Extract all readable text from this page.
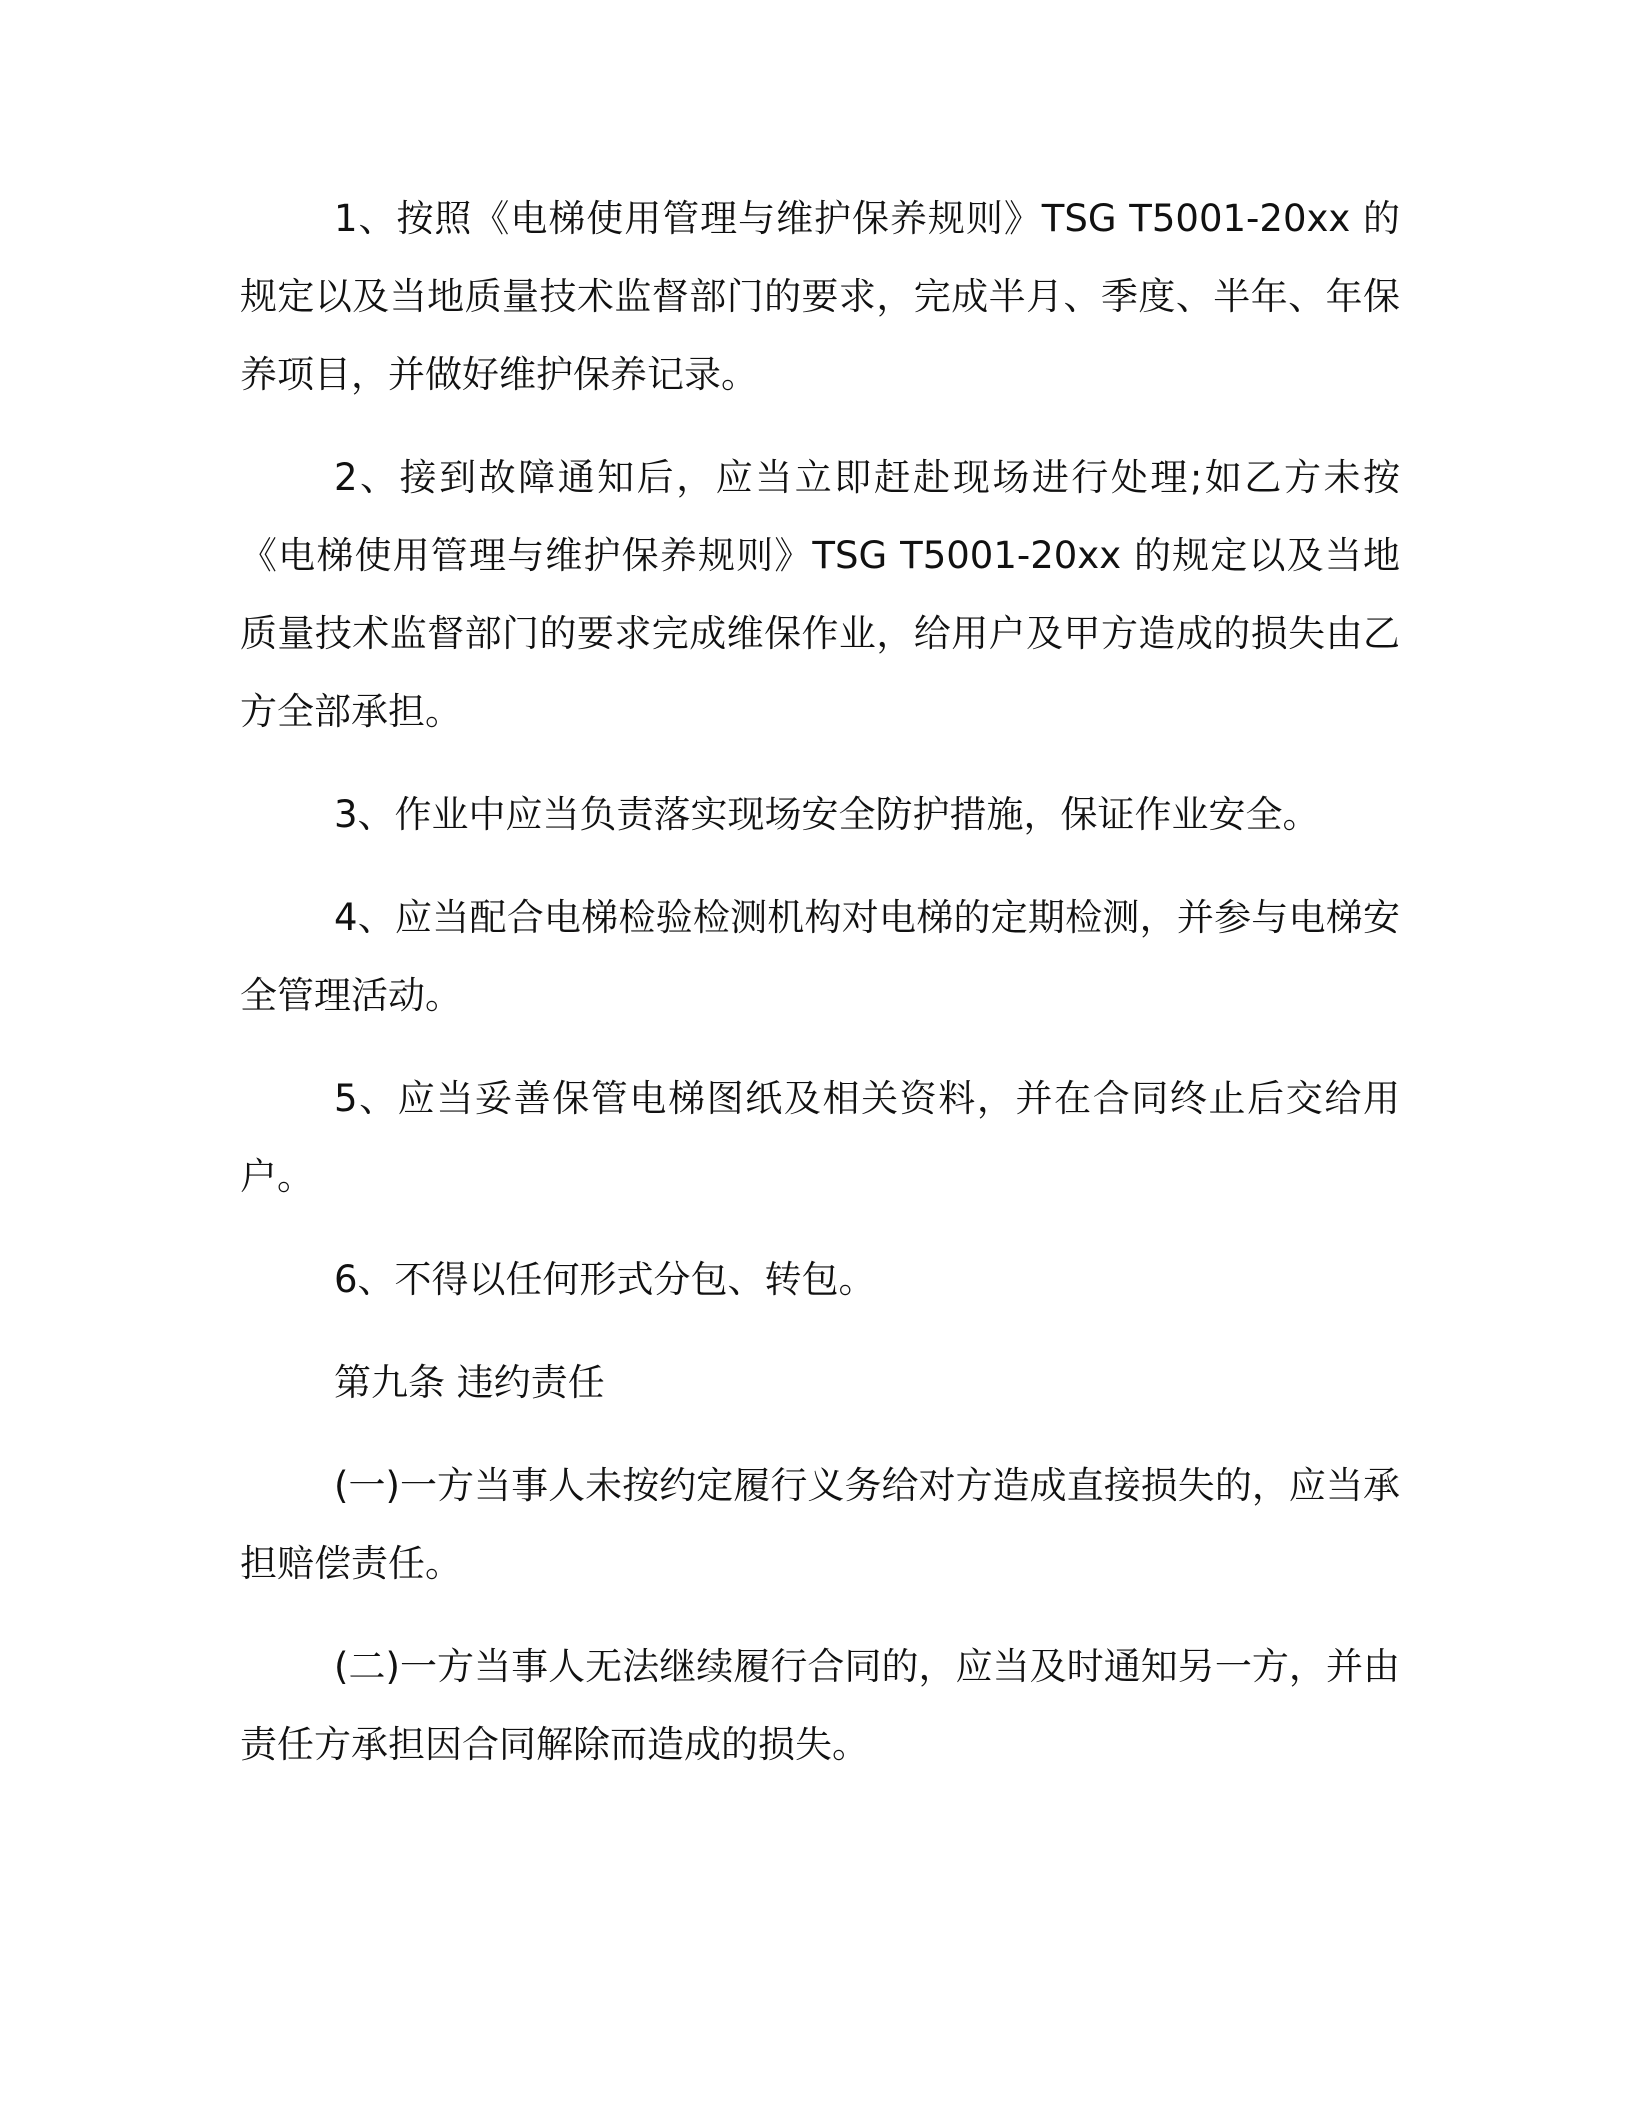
1、按照《电梯使用管理与维护保养规则》TSG T5001-20xx 的规定以及当地质量技术监督部门的要求，完成半月、季度、半年、年保养项目，并做好维护保养记录。

2、接到故障通知后，应当立即赶赴现场进行处理;如乙方未按《电梯使用管理与维护保养规则》TSG T5001-20xx 的规定以及当地质量技术监督部门的要求完成维保作业，给用户及甲方造成的损失由乙方全部承担。

3、作业中应当负责落实现场安全防护措施，保证作业安全。

4、应当配合电梯检验检测机构对电梯的定期检测，并参与电梯安全管理活动。

5、应当妥善保管电梯图纸及相关资料，并在合同终止后交给用户。

6、不得以任何形式分包、转包。

第九条 违约责任

(一)一方当事人未按约定履行义务给对方造成直接损失的，应当承担赔偿责任。

(二)一方当事人无法继续履行合同的，应当及时通知另一方，并由责任方承担因合同解除而造成的损失。
